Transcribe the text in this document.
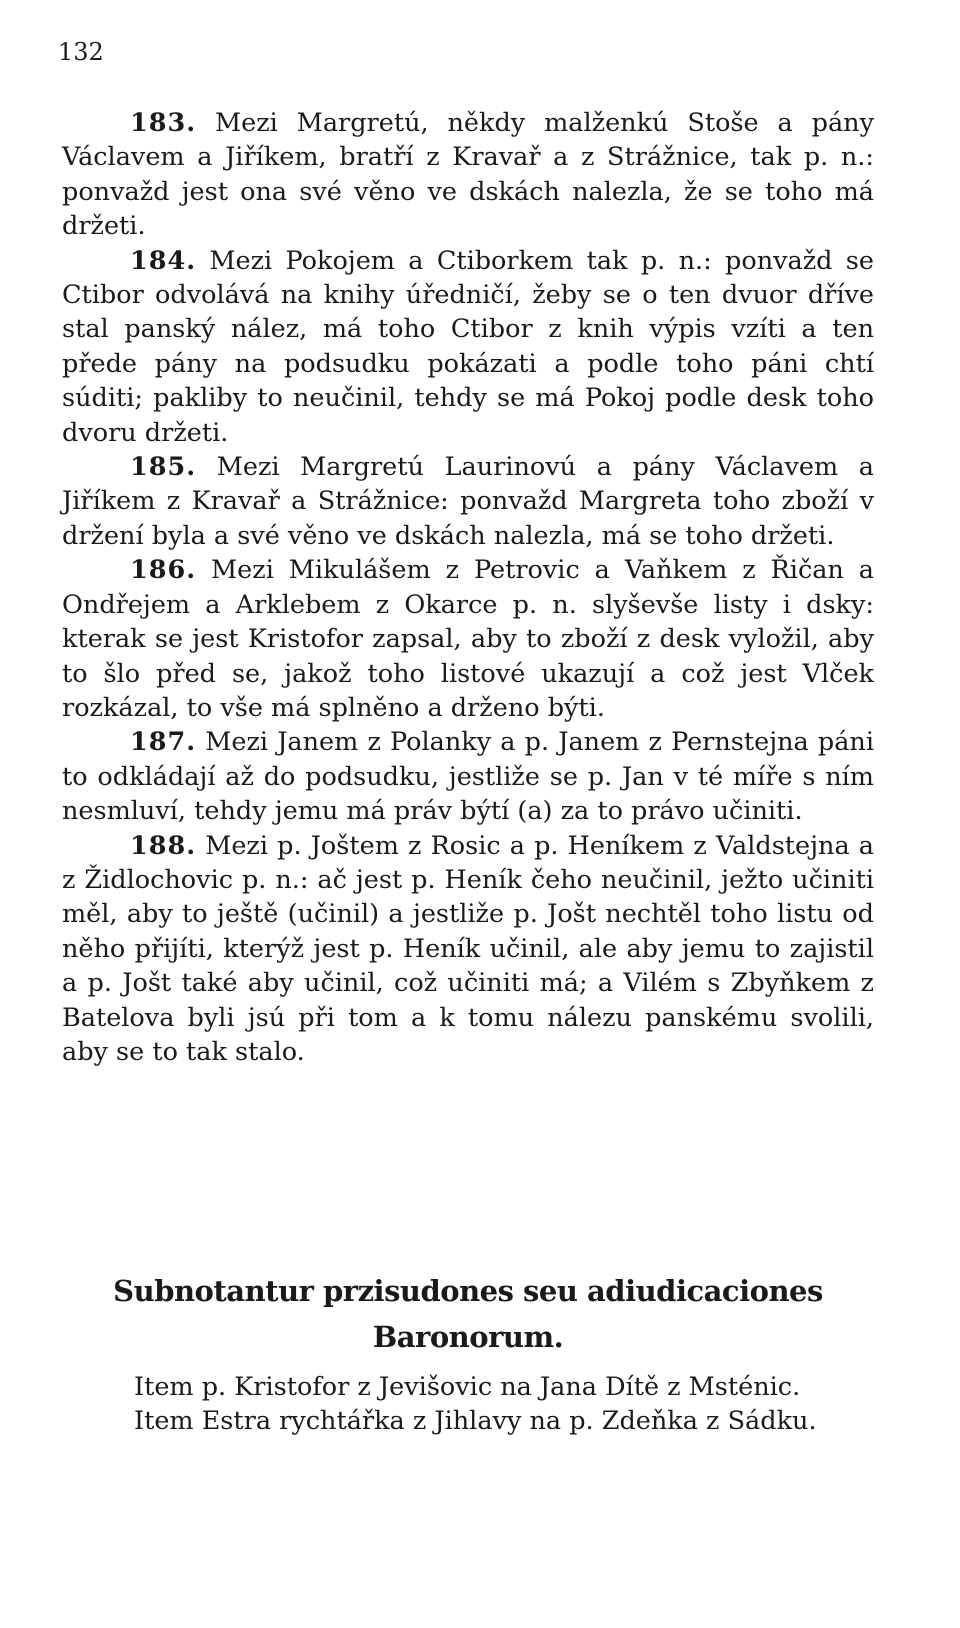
132

183. Mezi Margretú, někdy malženkú Stoše a pány Václavem a Jiříkem, bratří z Kravař a z Strážnice, tak p. n.: ponvažd jest ona své věno ve dskách nalezla, že se toho má držeti.

184. Mezi Pokojem a Ctiborkem tak p. n.: ponvažd se Ctibor odvolává na knihy úředničí, žeby se o ten dvuor dříve stal panský nález, má toho Ctibor z knih výpis vzíti a ten přede pány na podsudku pokázati a podle toho páni chtí súditi; pakliby to neučinil, tehdy se má Pokoj podle desk toho dvoru držeti.

185. Mezi Margretú Laurinovú a pány Václavem a Jiříkem z Kravař a Strážnice: ponvažd Margreta toho zboží v držení byla a své věno ve dskách nalezla, má se toho držeti.

186. Mezi Mikulášem z Petrovic a Vaňkem z Řičan a Ondřejem a Arklebem z Okarce p. n. slyševše listy i dsky: kterak se jest Kristofor zapsal, aby to zboží z desk vyložil, aby to šlo před se, jakož toho listové ukazují a což jest Vlček rozkázal, to vše má splněno a drženo býti.

187. Mezi Janem z Polanky a p. Janem z Pernstejna páni to odkládají až do podsudku, jestliže se p. Jan v té míře s ním nesmluví, tehdy jemu má práv býtí (a) za to právo učiniti.

188. Mezi p. Joštem z Rosic a p. Heníkem z Valdstejna a z Židlochovic p. n.: ač jest p. Heník čeho neučinil, ježto učiniti měl, aby to ještě (učinil) a jestliže p. Jošt nechtěl toho listu od něho přijíti, kterýž jest p. Heník učinil, ale aby jemu to zajistil a p. Jošt také aby učinil, což učiniti má; a Vilém s Zbyňkem z Batelova byli jsú při tom a k tomu nálezu panskému svolili, aby se to tak stalo.

Subnotantur przisudones seu adiudicaciones
Baronorum.

Item p. Kristofor z Jevišovic na Jana Dítě z Msténic.

Item Estra rychtářka z Jihlavy na p. Zdeňka z Sádku.
